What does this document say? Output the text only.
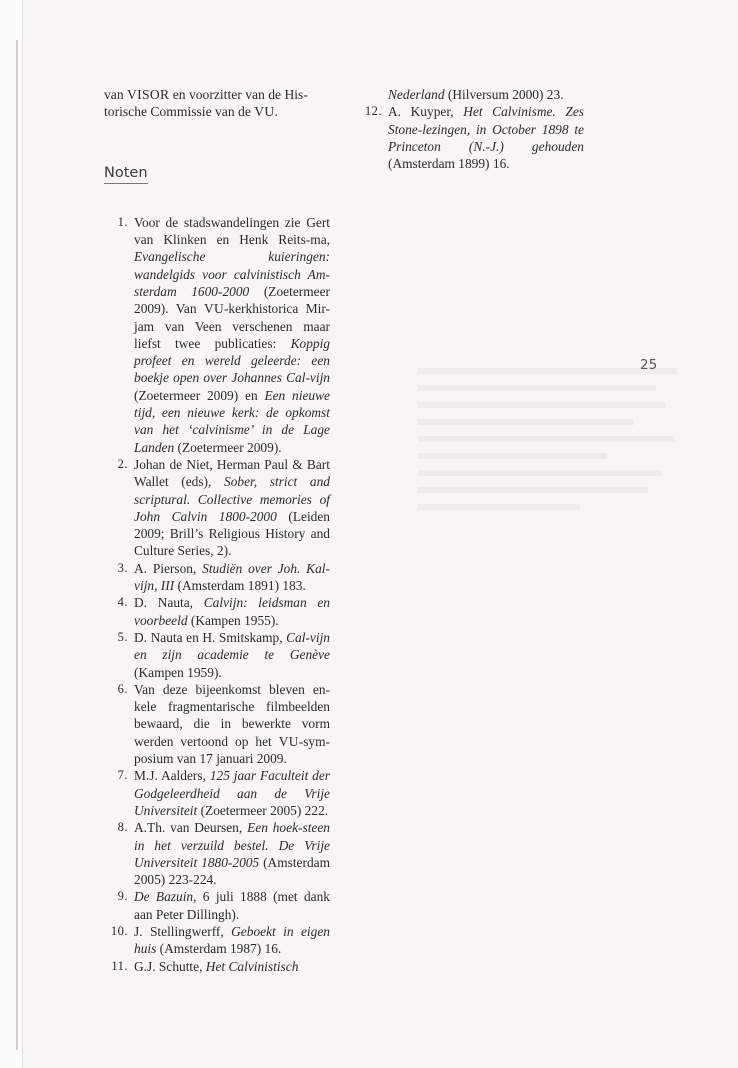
van VISOR en voorzitter van de His-torische Commissie van de VU.

Noten
1. Voor de stadswandelingen zie Gert van Klinken en Henk Reits-ma, Evangelische kuieringen: wandelgids voor calvinistisch Am-sterdam 1600-2000 (Zoetermeer 2009). Van VU-kerkhistorica Mir-jam van Veen verschenen maar liefst twee publicaties: Koppig profeet en wereld geleerde: een boekje open over Johannes Cal-vijn (Zoetermeer 2009) en Een nieuwe tijd, een nieuwe kerk: de opkomst van het ‘calvinisme’ in de Lage Landen (Zoetermeer 2009).
2. Johan de Niet, Herman Paul & Bart Wallet (eds), Sober, strict and scriptural. Collective memories of John Calvin 1800-2000 (Leiden 2009; Brill’s Religious History and Culture Series, 2).
3. A. Pierson, Studiën over Joh. Kal-vijn, III (Amsterdam 1891) 183.
4. D. Nauta, Calvijn: leidsman en voorbeeld (Kampen 1955).
5. D. Nauta en H. Smitskamp, Cal-vijn en zijn academie te Genève (Kampen 1959).
6. Van deze bijeenkomst bleven en-kele fragmentarische filmbeelden bewaard, die in bewerkte vorm werden vertoond op het VU-sym-posium van 17 januari 2009.
7. M.J. Aalders, 125 jaar Faculteit der Godgeleerdheid aan de Vrije Universiteit (Zoetermeer 2005) 222.
8. A.Th. van Deursen, Een hoek-steen in het verzuild bestel. De Vrije Universiteit 1880-2005 (Amsterdam 2005) 223-224.
9. De Bazuin, 6 juli 1888 (met dank aan Peter Dillingh).
10. J. Stellingwerff, Geboekt in eigen huis (Amsterdam 1987) 16.
11. G.J. Schutte, Het Calvinistisch
Nederland (Hilversum 2000) 23.
12. A. Kuyper, Het Calvinisme. Zes Stone-lezingen, in October 1898 te Princeton (N.-J.) gehouden (Amsterdam 1899) 16.
25
